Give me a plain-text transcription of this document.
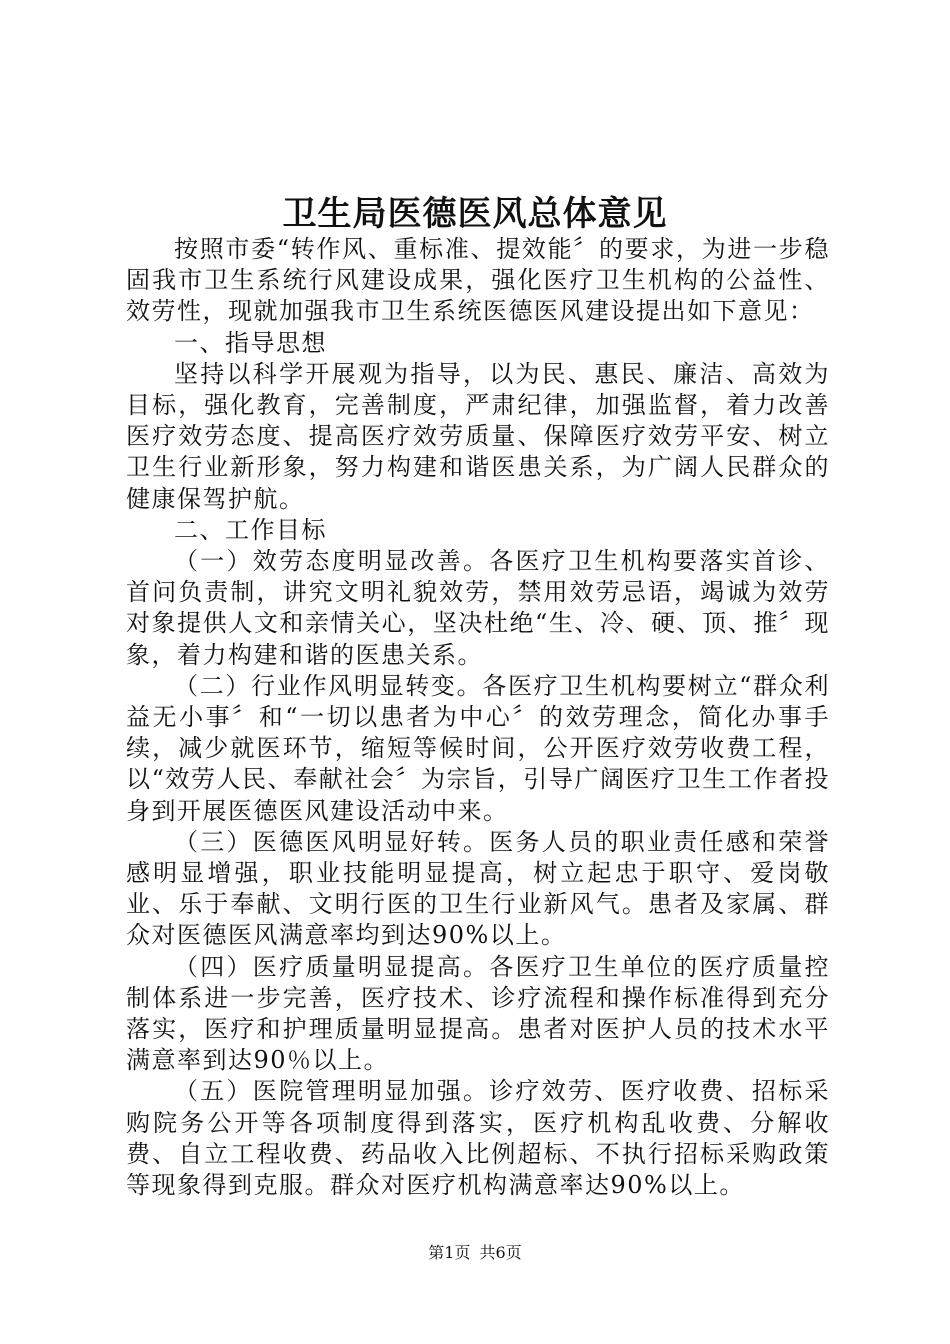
卫生局医德医风总体意见

按照市委“转作风、重标准、提效能〞的要求，为进一步稳固我市卫生系统行风建设成果，强化医疗卫生机构的公益性、效劳性，现就加强我市卫生系统医德医风建设提出如下意见：

一、指导思想

坚持以科学开展观为指导，以为民、惠民、廉洁、高效为目标，强化教育，完善制度，严肃纪律，加强监督，着力改善医疗效劳态度、提高医疗效劳质量、保障医疗效劳平安、树立卫生行业新形象，努力构建和谐医患关系，为广阔人民群众的健康保驾护航。

二、工作目标

（一）效劳态度明显改善。各医疗卫生机构要落实首诊、首问负责制，讲究文明礼貌效劳，禁用效劳忌语，竭诚为效劳对象提供人文和亲情关心，坚决杜绝“生、冷、硬、顶、推〞现象，着力构建和谐的医患关系。

（二）行业作风明显转变。各医疗卫生机构要树立“群众利益无小事〞和“一切以患者为中心〞的效劳理念，简化办事手续，减少就医环节，缩短等候时间，公开医疗效劳收费工程，以“效劳人民、奉献社会〞为宗旨，引导广阔医疗卫生工作者投身到开展医德医风建设活动中来。

（三）医德医风明显好转。医务人员的职业责任感和荣誉感明显增强，职业技能明显提高，树立起忠于职守、爱岗敬业、乐于奉献、文明行医的卫生行业新风气。患者及家属、群众对医德医风满意率均到达90%以上。

（四）医疗质量明显提高。各医疗卫生单位的医疗质量控制体系进一步完善，医疗技术、诊疗流程和操作标准得到充分落实，医疗和护理质量明显提高。患者对医护人员的技术水平满意率到达90％以上。

（五）医院管理明显加强。诊疗效劳、医疗收费、招标采购院务公开等各项制度得到落实，医疗机构乱收费、分解收费、自立工程收费、药品收入比例超标、不执行招标采购政策等现象得到克服。群众对医疗机构满意率达90%以上。

第1页 共6页
